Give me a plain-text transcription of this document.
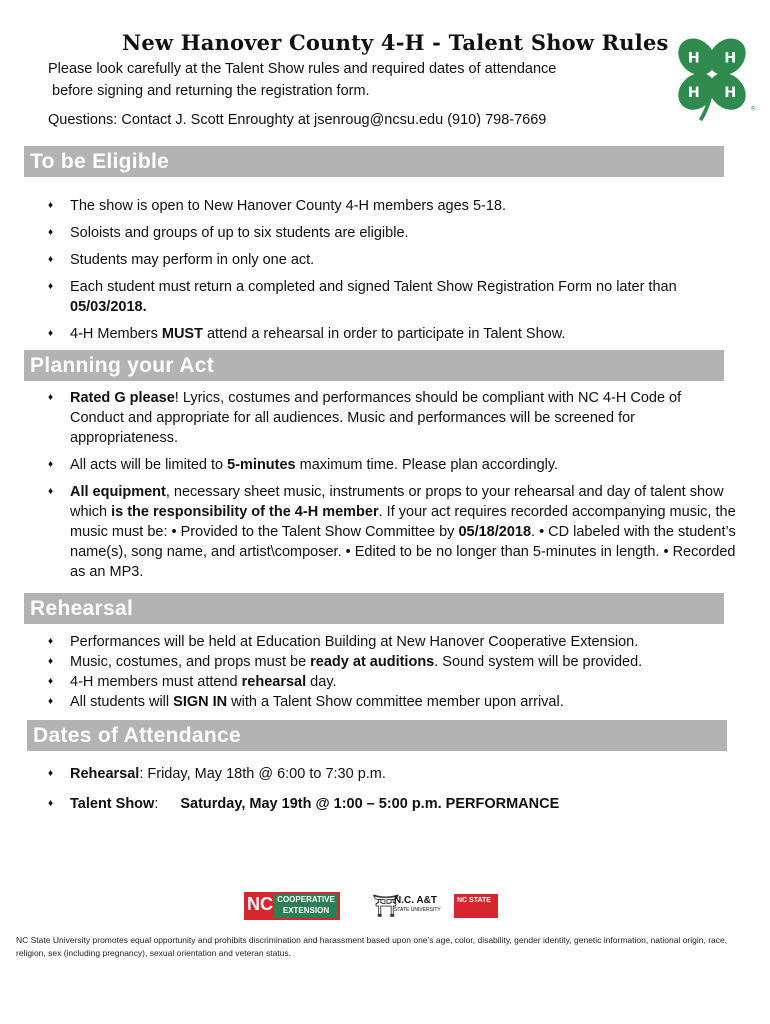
New Hanover County 4-H - Talent Show Rules
Please look carefully at the Talent Show rules and required dates of attendance
before signing and returning the registration form.
Questions: Contact J. Scott Enroughty at jsenroug@ncsu.edu (910) 798-7669
H H
H H
®
To be Eligible
♦ The show is open to New Hanover County 4-H members ages 5-18.
♦ Soloists and groups of up to six students are eligible.
♦ Students may perform in only one act.
♦ Each student must return a completed and signed Talent Show Registration Form no later than 05/03/2018.
♦ 4-H Members MUST attend a rehearsal in order to participate in Talent Show.
Planning your Act
♦ Rated G please! Lyrics, costumes and performances should be compliant with NC 4-H Code of Conduct and appropriate for all audiences. Music and performances will be screened for appropriateness.
♦ All acts will be limited to 5-minutes maximum time. Please plan accordingly.
♦ All equipment, necessary sheet music, instruments or props to your rehearsal and day of talent show which is the responsibility of the 4-H member. If your act requires recorded accompanying music, the music must be: • Provided to the Talent Show Committee by 05/18/2018. • CD labeled with the student’s name(s), song name, and artist\composer. • Edited to be no longer than 5-minutes in length. • Recorded as an MP3.
Rehearsal
♦ Performances will be held at Education Building at New Hanover Cooperative Extension.
♦ Music, costumes, and props must be ready at auditions. Sound system will be provided.
♦ 4-H members must attend rehearsal day.
♦ All students will SIGN IN with a Talent Show committee member upon arrival.
Dates of Attendance
♦ Rehearsal: Friday, May 18th @ 6:00 to 7:30 p.m.
♦ Talent Show: Saturday, May 19th @ 1:00 – 5:00 p.m. PERFORMANCE
NC COOPERATIVE
EXTENSION	⛩
N.C. A&T
STATE UNIVERSITY
NC STATE
NC State University promotes equal opportunity and prohibits discrimination and harassment based upon one’s age, color, disability, gender identity, genetic information, national origin, race, religion, sex (including pregnancy), sexual orientation and veteran status.
